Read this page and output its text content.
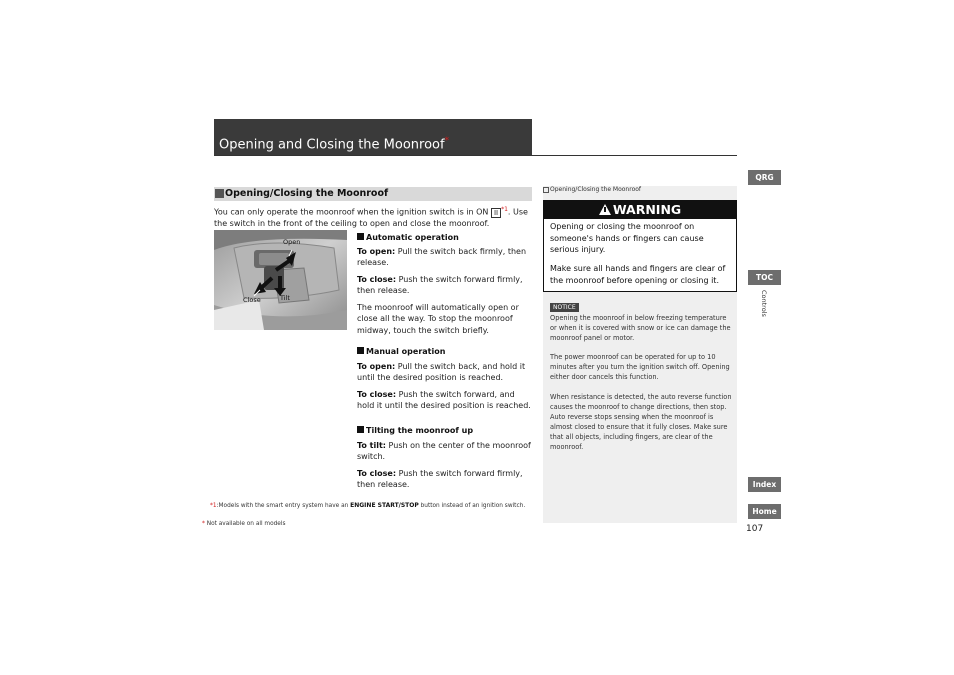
Opening and Closing the Moonroof*
Opening/Closing the Moonroof
You can only operate the moonroof when the ignition switch is in ON II $^{*1}$. Use the switch in the front of the ceiling to open and close the moonroof.
Open
Close	Tilt
Automatic operation
To open: Pull the switch back firmly, then release.
To close: Push the switch forward firmly, then release.
The moonroof will automatically open or close all the way. To stop the moonroof midway, touch the switch briefly.
Manual operation
To open: Pull the switch back, and hold it until the desired position is reached.
To close: Push the switch forward, and hold it until the desired position is reached.
Tilting the moonroof up
To tilt: Push on the center of the moonroof switch.
To close: Push the switch forward firmly, then release.
*1:Models with the smart entry system have an ENGINE START/STOP button instead of an ignition switch.
* Not available on all models
Opening/Closing the Moonroof
WARNING
Opening or closing the moonroof on someone's hands or fingers can cause serious injury.
Make sure all hands and fingers are clear of the moonroof before opening or closing it.
NOTICE
Opening the moonroof in below freezing temperature or when it is covered with snow or ice can damage the moonroof panel or motor.
The power moonroof can be operated for up to 10 minutes after you turn the ignition switch off. Opening either door cancels this function.
When resistance is detected, the auto reverse function causes the moonroof to change directions, then stop. Auto reverse stops sensing when the moonroof is almost closed to ensure that it fully closes. Make sure that all objects, including fingers, are clear of the moonroof.
QRG
TOC
Controls
Index
Home
107
